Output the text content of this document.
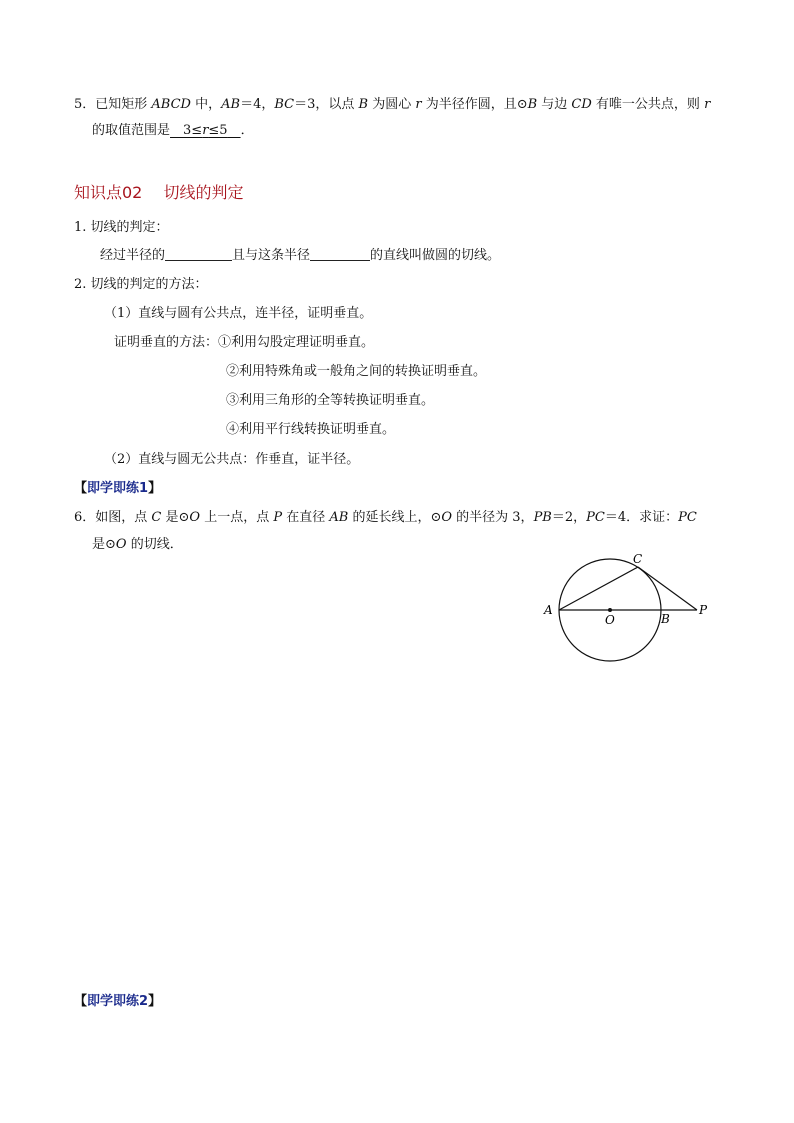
5．已知矩形 ABCD 中，AB＝4，BC＝3，以点 B 为圆心 r 为半径作圆，且⊙B 与边 CD 有唯一公共点，则 r
的取值范围是  3≤r≤5  ．
知识点02　 切线的判定
1. 切线的判定：
经过半径的	且与这条半径	的直线叫做圆的切线。
2. 切线的判定的方法：
（1）直线与圆有公共点，连半径，证明垂直。
证明垂直的方法：①利用勾股定理证明垂直。
②利用特殊角或一般角之间的转换证明垂直。
③利用三角形的全等转换证明垂直。
④利用平行线转换证明垂直。
（2）直线与圆无公共点：作垂直，证半径。
【即学即练1】
6．如图，点 C 是⊙O 上一点，点 P 在直径 AB 的延长线上，⊙O 的半径为 3，PB＝2，PC＝4．求证：PC
是⊙O 的切线．
A
O	B
C
P
【即学即练2】
